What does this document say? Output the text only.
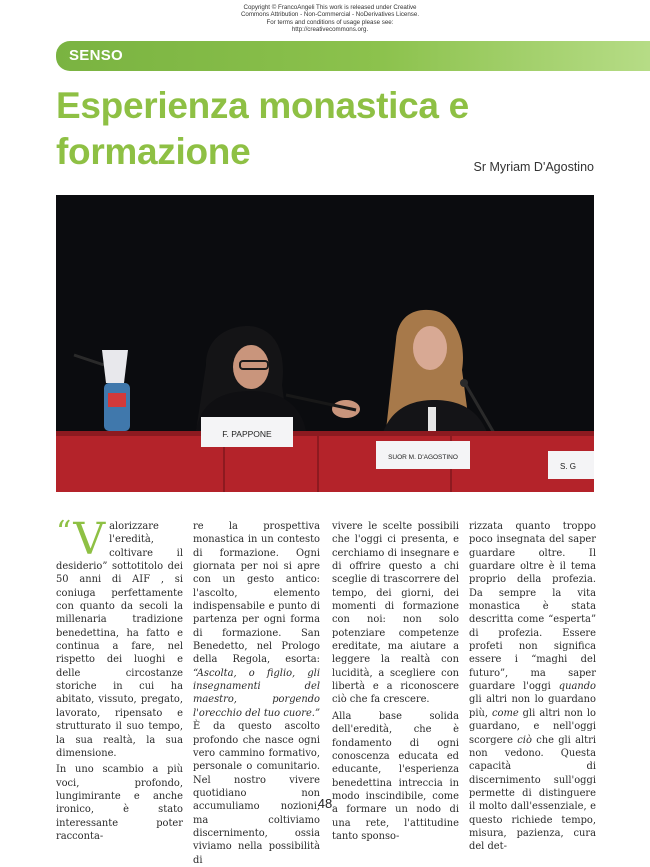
Copyright © FrancoAngeli This work is released under Creative
Commons Attribution - Non-Commercial - NoDerivatives License.
For terms and conditions of usage please see:
http://creativecommons.org.
SENSO
Esperienza monastica e formazione	Sr Myriam D'Agostino
F. PAPPONE
SUOR M. D'AGOSTINO
S. G

“ V alorizzare l'eredità, coltivare il desiderio” sottotitolo dei 50 anni di AIF , si coniuga perfettamente con quanto da secoli la millenaria tradizione benedettina, ha fatto e continua a fare, nel rispetto dei luoghi e delle circostanze storiche in cui ha abitato, vissuto, pregato, lavorato, ripensato e strutturato il suo tempo, la sua realtà, la sua dimensione.

In uno scambio a più voci, profondo, lungimirante e anche ironico, è stato interessante poter racconta-

re la prospettiva monastica in un contesto di formazione. Ogni giornata per noi si apre con un gesto antico: l'ascolto, elemento indispensabile e punto di partenza per ogni forma di formazione. San Benedetto, nel Prologo della Regola, esorta: “Ascolta, o figlio, gli insegnamenti del maestro, porgendo l'orecchio del tuo cuore.” È da questo ascolto profondo che nasce ogni vero cammino formativo, personale o comunitario. Nel nostro vivere quotidiano non accumuliamo nozioni, ma coltiviamo discernimento, ossia viviamo nella possibilità di

vivere le scelte possibili che l'oggi ci presenta, e cerchiamo di insegnare e di offrire questo a chi sceglie di trascorrere del tempo, dei giorni, dei momenti di formazione con noi: non solo potenziare competenze ereditate, ma aiutare a leggere la realtà con lucidità, a scegliere con libertà e a riconoscere ciò che fa crescere.

Alla base solida dell'eredità, che è fondamento di ogni conoscenza educata ed educante, l'esperienza benedettina intreccia in modo inscindibile, come a formare un nodo di una rete, l'attitudine tanto sponso-

rizzata quanto troppo poco insegnata del saper guardare oltre. Il guardare oltre è il tema proprio della profezia. Da sempre la vita monastica è stata descritta come “esperta” di profezia. Essere profeti non significa essere i “maghi del futuro”, ma saper guardare l'oggi quando gli altri non lo guardano più, come gli altri non lo guardano, e nell'oggi scorgere ciò che gli altri non vedono. Questa capacità di discernimento sull'oggi permette di distinguere il molto dall'essenziale, e questo richiede tempo, misura, pazienza, cura del det-

48
